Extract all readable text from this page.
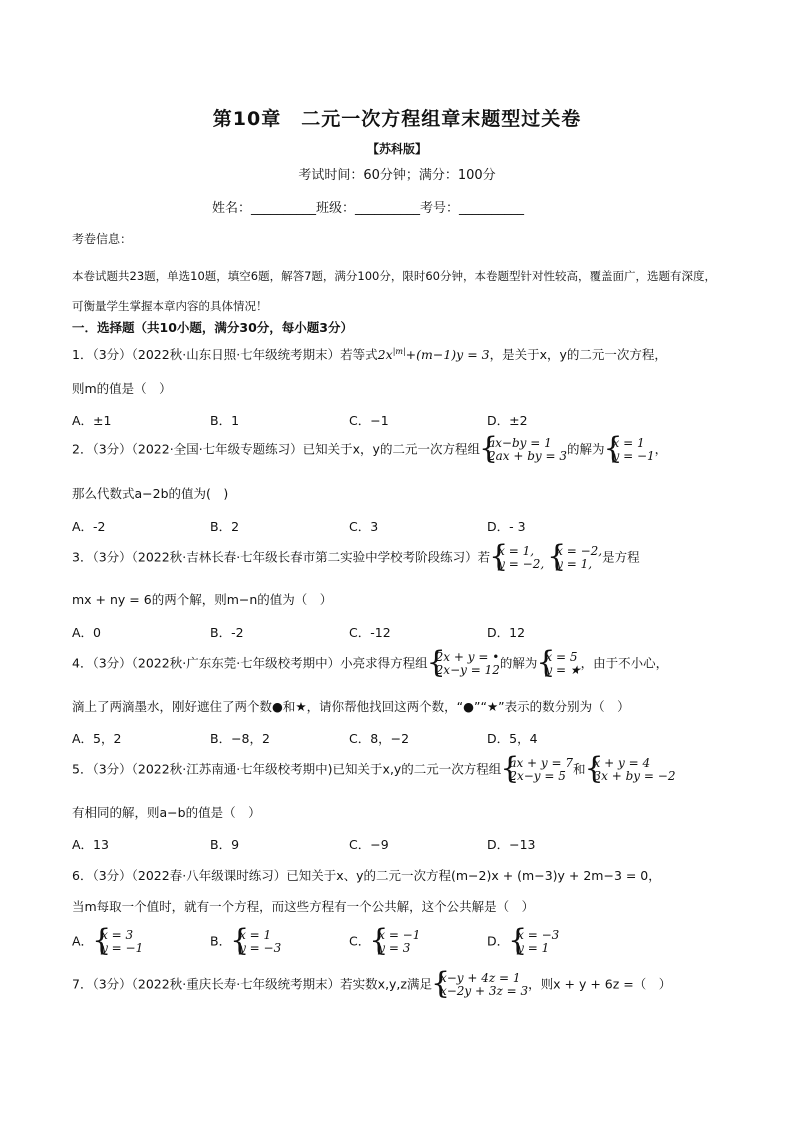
第10章　二元一次方程组章末题型过关卷
【苏科版】
考试时间：60分钟；满分：100分
姓名：__________班级：__________考号：__________
考卷信息：
本卷试题共23题，单选10题，填空6题，解答7题，满分100分，限时60分钟，本卷题型针对性较高，覆盖面广，选题有深度，可衡量学生掌握本章内容的具体情况！
一．选择题（共10小题，满分30分，每小题3分）
1．（3分）（2022秋·山东日照·七年级统考期末）若等式$2x^{|m|}+(m-1)y = 3$，是关于x，y的二元一次方程，
则m的值是（　）
A．±1	B．1	C．−1	D．±2
2．（3分）（2022·全国·七年级专题练习）已知关于x，y的二元一次方程组 { ax−by = 1
2ax + by = 3 的解为 { x = 1
y = −1 ，
那么代数式a−2b的值为(　)
A．-2	B．2	C．3	D．- 3
3．（3分）（2022秋·吉林长春·七年级长春市第二实验中学校考阶段练习）若 { x = 1,
y = −2,

{ x = −2,
y = 1, 是方程
mx + ny = 6的两个解，则m−n的值为（　）
A．0	B．-2	C．-12	D．12
4．（3分）（2022秋·广东东莞·七年级校考期中）小亮求得方程组 { 2x + y = •
2x−y = 12 的解为 { x = 5
y = ★ ，由于不小心，
滴上了两滴墨水，刚好遮住了两个数●和★，请你帮他找回这两个数，“●”“★”表示的数分别为（　）
A．5，2	B．−8，2	C．8，−2	D．5，4
5．（3分）（2022秋·江苏南通·七年级校考期中)已知关于x,y的二元一次方程组 { ax + y = 7
2x−y = 5 和 { x + y = 4
3x + by = −2
有相同的解，则a−b的值是（　）
A．13	B．9	C．−9	D．−13
6．（3分）（2022春·八年级课时练习）已知关于x、y的二元一次方程(m−2)x + (m−3)y + 2m−3 = 0，
当m每取一个值时，就有一个方程，而这些方程有一个公共解，这个公共解是（　）
A． { x = 3
y = −1	B． { x = 1
y = −3	C． { x = −1
y = 3	D． { x = −3
y = 1
7．（3分）（2022秋·重庆长寿·七年级统考期末）若实数x,y,z满足 { x−y + 4z = 1
x−2y + 3z = 3 ，则x + y + 6z =（　）
